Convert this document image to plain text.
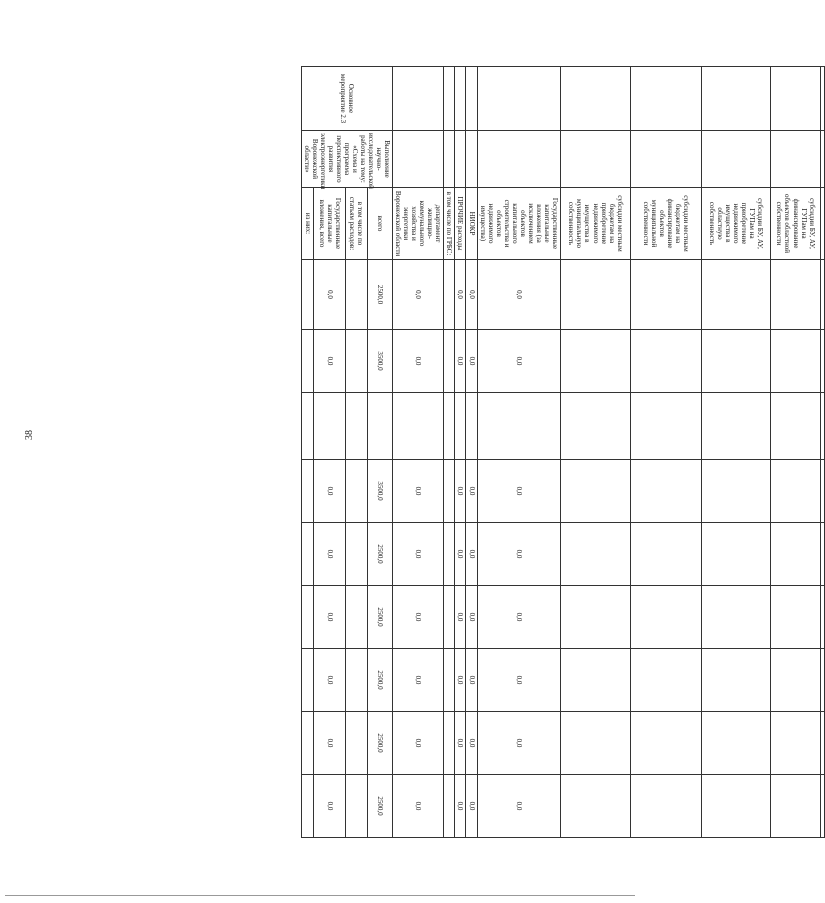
38

		субсидии БУ, АУ, ГУПам на финансирование объектов областной собственности									
		субсидии БУ, АУ, ГУПам на приобретение недвижимого имущества в областную собственность									
		субсидии местным бюджетам на финансирование объектов муниципальной собственности									
		субсидии местным бюджетам на приобретение недвижимого имущества в муниципальную собственность									
		Государственные капитальные вложения (за исключением объектов капитального строительства и объектов недвижимого имущества)	0,0	0,0		0,0	0,0	0,0	0,0	0,0	0,0
		НИОКР	0,0	0,0		0,0	0,0	0,0	0,0	0,0	0,0
		ПРОЧИЕ расходы	0,0	0,0		0,0	0,0	0,0	0,0	0,0	0,0
		в том числе по ГРБС:									
		департамент жилищно-коммунального хозяйства и энергетики Воронежской области	0,0	0,0		0,0	0,0	0,0	0,0	0,0	0,0
Основное мероприятие 2.3	Выполнение научно-исследовательской работы на тему: «Схема и программа перспективного развития электроэнергетики Воронежской области»	всего	2500,0	3500,0		3500,0	2500,0	2500,0	2500,0	2500,0	2500,0
		в том числе по статьям расходов:									
		Государственные капитальные вложения, всего	0,0	0,0		0,0	0,0	0,0	0,0	0,0	0,0
		из них:									
